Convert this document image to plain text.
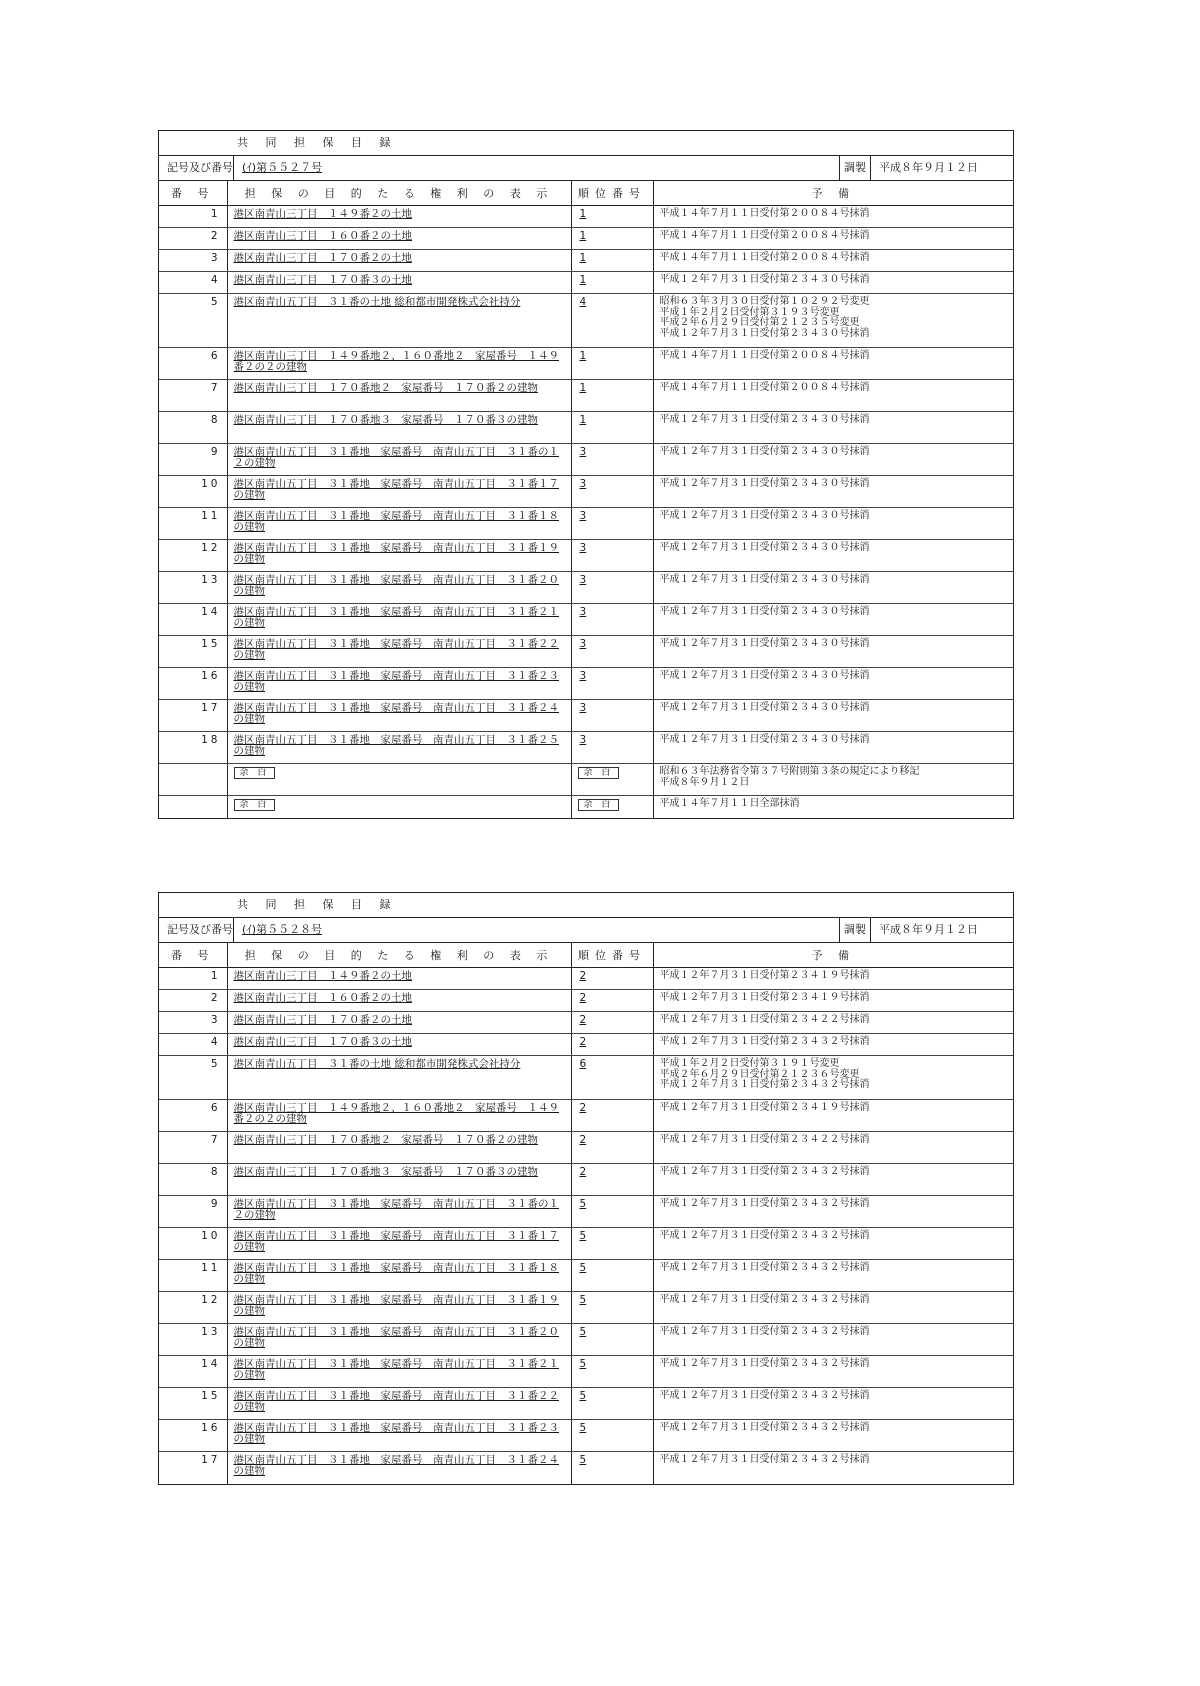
共 同 担 保 目 録
記号及び番号 (ｲ)第５５２７号	調製	平成８年９月１２日
番 号	担 保 の 目 的 た る 権 利 の 表 示	順位番号	予 備
1	港区南青山三丁目　１４９番２の土地	1	平成１４年７月１１日受付第２００８４号抹消
2	港区南青山三丁目　１６０番２の土地	1	平成１４年７月１１日受付第２００８４号抹消
3	港区南青山三丁目　１７０番２の土地	1	平成１４年７月１１日受付第２００８４号抹消
4	港区南青山三丁目　１７０番３の土地	1	平成１２年７月３１日受付第２３４３０号抹消
5	港区南青山五丁目　３１番の土地 総和都市開発株式会社持分	4	昭和６３年３月３０日受付第１０２９２号変更
平成１年２月２日受付第３１９３号変更
平成２年６月２９日受付第２１２３５号変更
平成１２年７月３１日受付第２３４３０号抹消
6	港区南青山三丁目　１４９番地２、１６０番地２　家屋番号　１４９番２の２の建物	1	平成１４年７月１１日受付第２００８４号抹消
7	港区南青山三丁目　１７０番地２　家屋番号　１７０番２の建物	1	平成１４年７月１１日受付第２００８４号抹消
8	港区南青山三丁目　１７０番地３　家屋番号　１７０番３の建物	1	平成１２年７月３１日受付第２３４３０号抹消
9	港区南青山五丁目　３１番地　家屋番号　南青山五丁目　３１番の１２の建物	3	平成１２年７月３１日受付第２３４３０号抹消
10	港区南青山五丁目　３１番地　家屋番号　南青山五丁目　３１番１７の建物	3	平成１２年７月３１日受付第２３４３０号抹消
11	港区南青山五丁目　３１番地　家屋番号　南青山五丁目　３１番１８の建物	3	平成１２年７月３１日受付第２３４３０号抹消
12	港区南青山五丁目　３１番地　家屋番号　南青山五丁目　３１番１９の建物	3	平成１２年７月３１日受付第２３４３０号抹消
13	港区南青山五丁目　３１番地　家屋番号　南青山五丁目　３１番２０の建物	3	平成１２年７月３１日受付第２３４３０号抹消
14	港区南青山五丁目　３１番地　家屋番号　南青山五丁目　３１番２１の建物	3	平成１２年７月３１日受付第２３４３０号抹消
15	港区南青山五丁目　３１番地　家屋番号　南青山五丁目　３１番２２の建物	3	平成１２年７月３１日受付第２３４３０号抹消
16	港区南青山五丁目　３１番地　家屋番号　南青山五丁目　３１番２３の建物	3	平成１２年７月３１日受付第２３４３０号抹消
17	港区南青山五丁目　３１番地　家屋番号　南青山五丁目　３１番２４の建物	3	平成１２年７月３１日受付第２３４３０号抹消
18	港区南青山五丁目　３１番地　家屋番号　南青山五丁目　３１番２５の建物	3	平成１２年７月３１日受付第２３４３０号抹消
	余 白	余 白	昭和６３年法務省令第３７号附則第３条の規定により移記
平成８年９月１２日
	余 白	余 白	平成１４年７月１１日全部抹消
共 同 担 保 目 録
記号及び番号 (ｲ)第５５２８号	調製	平成８年９月１２日
番 号	担 保 の 目 的 た る 権 利 の 表 示	順位番号	予 備
1	港区南青山三丁目　１４９番２の土地	2	平成１２年７月３１日受付第２３４１９号抹消
2	港区南青山三丁目　１６０番２の土地	2	平成１２年７月３１日受付第２３４１９号抹消
3	港区南青山三丁目　１７０番２の土地	2	平成１２年７月３１日受付第２３４２２号抹消
4	港区南青山三丁目　１７０番３の土地	2	平成１２年７月３１日受付第２３４３２号抹消
5	港区南青山五丁目　３１番の土地 総和都市開発株式会社持分	6	平成１年２月２日受付第３１９１号変更
平成２年６月２９日受付第２１２３６号変更
平成１２年７月３１日受付第２３４３２号抹消
6	港区南青山三丁目　１４９番地２、１６０番地２　家屋番号　１４９番２の２の建物	2	平成１２年７月３１日受付第２３４１９号抹消
7	港区南青山三丁目　１７０番地２　家屋番号　１７０番２の建物	2	平成１２年７月３１日受付第２３４２２号抹消
8	港区南青山三丁目　１７０番地３　家屋番号　１７０番３の建物	2	平成１２年７月３１日受付第２３４３２号抹消
9	港区南青山五丁目　３１番地　家屋番号　南青山五丁目　３１番の１２の建物	5	平成１２年７月３１日受付第２３４３２号抹消
10	港区南青山五丁目　３１番地　家屋番号　南青山五丁目　３１番１７の建物	5	平成１２年７月３１日受付第２３４３２号抹消
11	港区南青山五丁目　３１番地　家屋番号　南青山五丁目　３１番１８の建物	5	平成１２年７月３１日受付第２３４３２号抹消
12	港区南青山五丁目　３１番地　家屋番号　南青山五丁目　３１番１９の建物	5	平成１２年７月３１日受付第２３４３２号抹消
13	港区南青山五丁目　３１番地　家屋番号　南青山五丁目　３１番２０の建物	5	平成１２年７月３１日受付第２３４３２号抹消
14	港区南青山五丁目　３１番地　家屋番号　南青山五丁目　３１番２１の建物	5	平成１２年７月３１日受付第２３４３２号抹消
15	港区南青山五丁目　３１番地　家屋番号　南青山五丁目　３１番２２の建物	5	平成１２年７月３１日受付第２３４３２号抹消
16	港区南青山五丁目　３１番地　家屋番号　南青山五丁目　３１番２３の建物	5	平成１２年７月３１日受付第２３４３２号抹消
17	港区南青山五丁目　３１番地　家屋番号　南青山五丁目　３１番２４の建物	5	平成１２年７月３１日受付第２３４３２号抹消
